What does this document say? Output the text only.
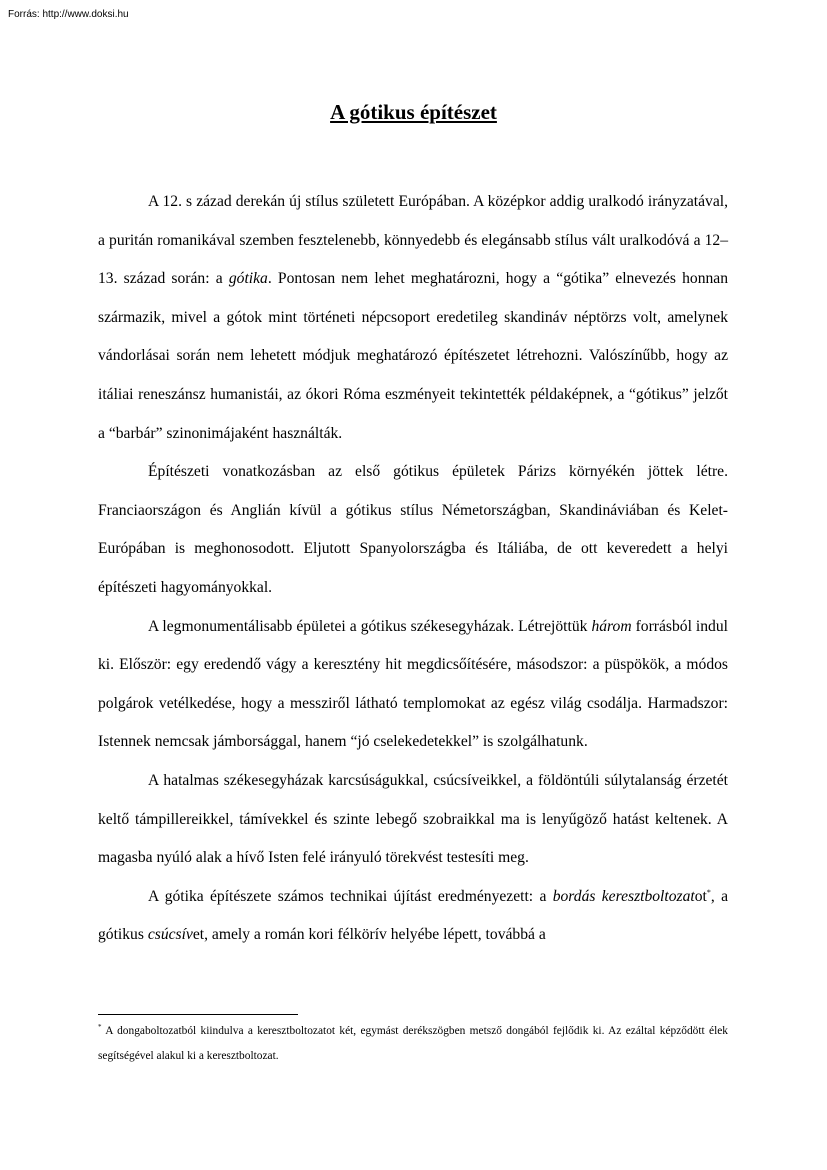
Forrás: http://www.doksi.hu
A gótikus építészet

A 12. s zázad derekán új stílus született Európában. A középkor addig uralkodó irányzatával, a puritán romanikával szemben fesztelenebb, könnyedebb és elegánsabb stílus vált uralkodóvá a 12–13. század során: a gótika. Pontosan nem lehet meghatározni, hogy a “gótika” elnevezés honnan származik, mivel a gótok mint történeti népcsoport eredetileg skandináv néptörzs volt, amelynek vándorlásai során nem lehetett módjuk meghatározó építészetet létrehozni. Valószínűbb, hogy az itáliai reneszánsz humanistái, az ókori Róma eszményeit tekintették példaképnek, a “gótikus” jelzőt a “barbár” szinonimájaként használták.

Építészeti vonatkozásban az első gótikus épületek Párizs környékén jöttek létre. Franciaországon és Anglián kívül a gótikus stílus Németországban, Skandináviában és Kelet-Európában is meghonosodott. Eljutott Spanyolországba és Itáliába, de ott keveredett a helyi építészeti hagyományokkal.

A legmonumentálisabb épületei a gótikus székesegyházak. Létrejöttük három forrásból indul ki. Először: egy eredendő vágy a keresztény hit megdicsőítésére, másodszor: a püspökök, a módos polgárok vetélkedése, hogy a messziről látható templomokat az egész világ csodálja. Harmadszor: Istennek nemcsak jámborsággal, hanem “jó cselekedetekkel” is szolgálhatunk.

A hatalmas székesegyházak karcsúságukkal, csúcsíveikkel, a földöntúli súlytalanság érzetét keltő támpillereikkel, támívekkel és szinte lebegő szobraikkal ma is lenyűgöző hatást keltenek. A magasba nyúló alak a hívő Isten felé irányuló törekvést testesíti meg.

A gótika építészete számos technikai újítást eredményezett: a bordás keresztboltozatot*, a gótikus csúcsívet, amely a román kori félkörív helyébe lépett, továbbá a

* A dongaboltozatból kiindulva a keresztboltozatot két, egymást derékszögben metsző dongából fejlődik ki. Az ezáltal képződött élek segítségével alakul ki a keresztboltozat.
